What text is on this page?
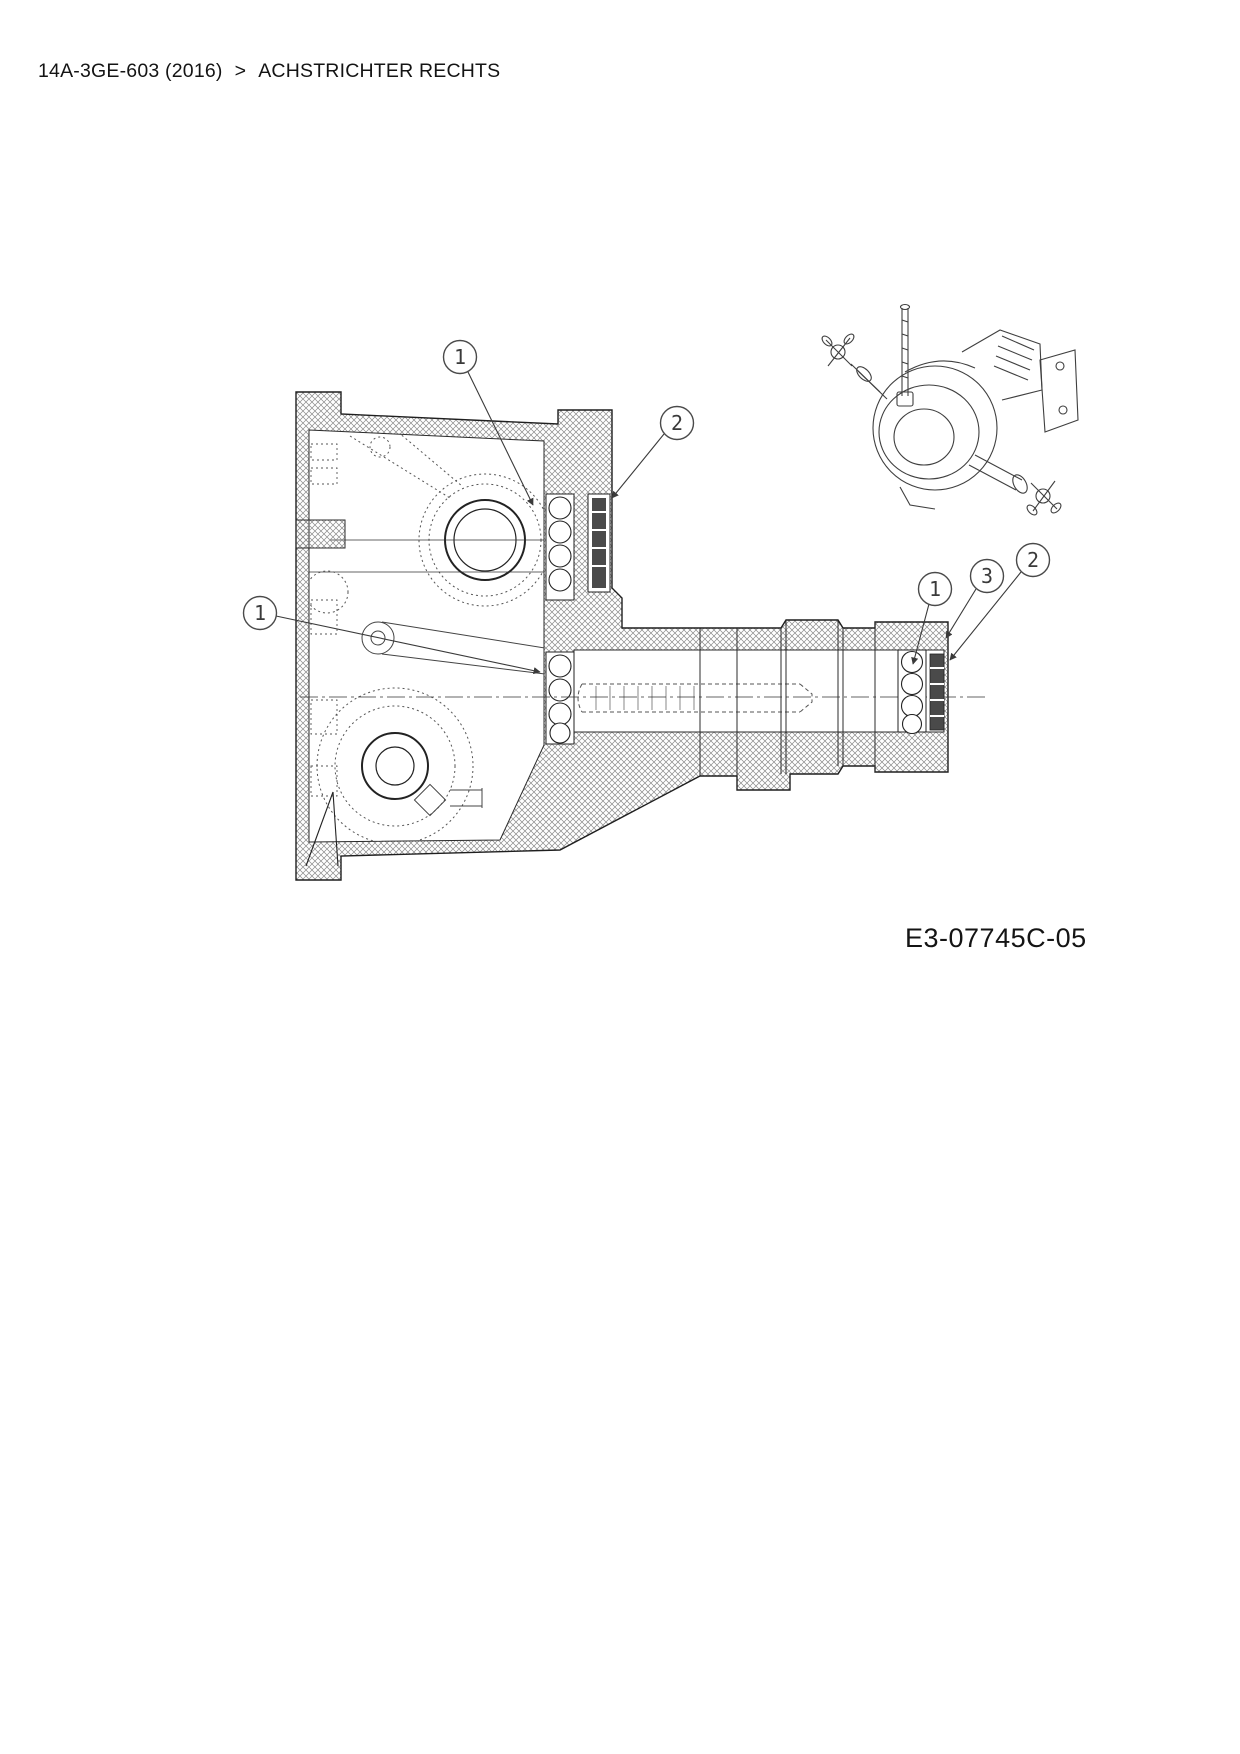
14A-3GE-603 (2016) > ACHSTRICHTER RECHTS
1
2
1
1
3
2
E3-07745C-05
